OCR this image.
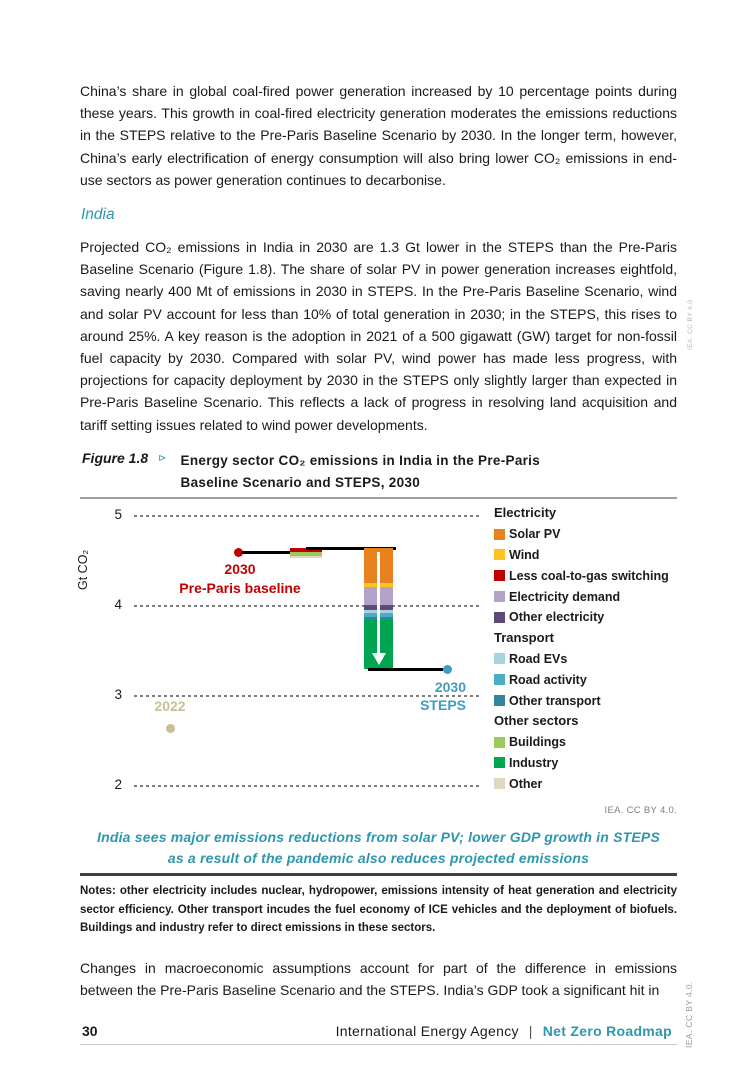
China’s share in global coal-fired power generation increased by 10 percentage points during these years. This growth in coal-fired electricity generation moderates the emissions reductions in the STEPS relative to the Pre-Paris Baseline Scenario by 2030. In the longer term, however, China’s early electrification of energy consumption will also bring lower CO₂ emissions in end-use sectors as power generation continues to decarbonise.
India
Projected CO₂ emissions in India in 2030 are 1.3 Gt lower in the STEPS than the Pre-Paris Baseline Scenario (Figure 1.8). The share of solar PV in power generation increases eightfold, saving nearly 400 Mt of emissions in 2030 in STEPS. In the Pre-Paris Baseline Scenario, wind and solar PV account for less than 10% of total generation in 2030; in the STEPS, this rises to around 25%. A key reason is the adoption in 2021 of a 500 gigawatt (GW) target for non-fossil fuel capacity by 2030. Compared with solar PV, wind power has made less progress, with projections for capacity deployment by 2030 in the STEPS only slightly larger than expected in Pre-Paris Baseline Scenario. This reflects a lack of progress in resolving land acquisition and tariff setting issues related to wind power developments.
Figure 1.8 ⊳ Energy sector CO₂ emissions in India in the Pre-Paris
Baseline Scenario and STEPS, 2030
5
4
3
2
Gt CO₂
2022
2030
Pre-Paris baseline
2030
STEPS
Electricity
Solar PV
Wind
Less coal-to-gas switching
Electricity demand
Other electricity
Transport
Road EVs
Road activity
Other transport
Other sectors
Buildings
Industry
Other
IEA. CC BY 4.0.
India sees major emissions reductions from solar PV; lower GDP growth in STEPS
as a result of the pandemic also reduces projected emissions
Notes: other electricity includes nuclear, hydropower, emissions intensity of heat generation and electricity sector efficiency. Other transport incudes the fuel economy of ICE vehicles and the deployment of biofuels. Buildings and industry refer to direct emissions in these sectors.
Changes in macroeconomic assumptions account for part of the difference in emissions between the Pre-Paris Baseline Scenario and the STEPS. India’s GDP took a significant hit in
30	International Energy Agency | Net Zero Roadmap IEA. CC BY 4.0.
IEA. CC BY 4.0.
